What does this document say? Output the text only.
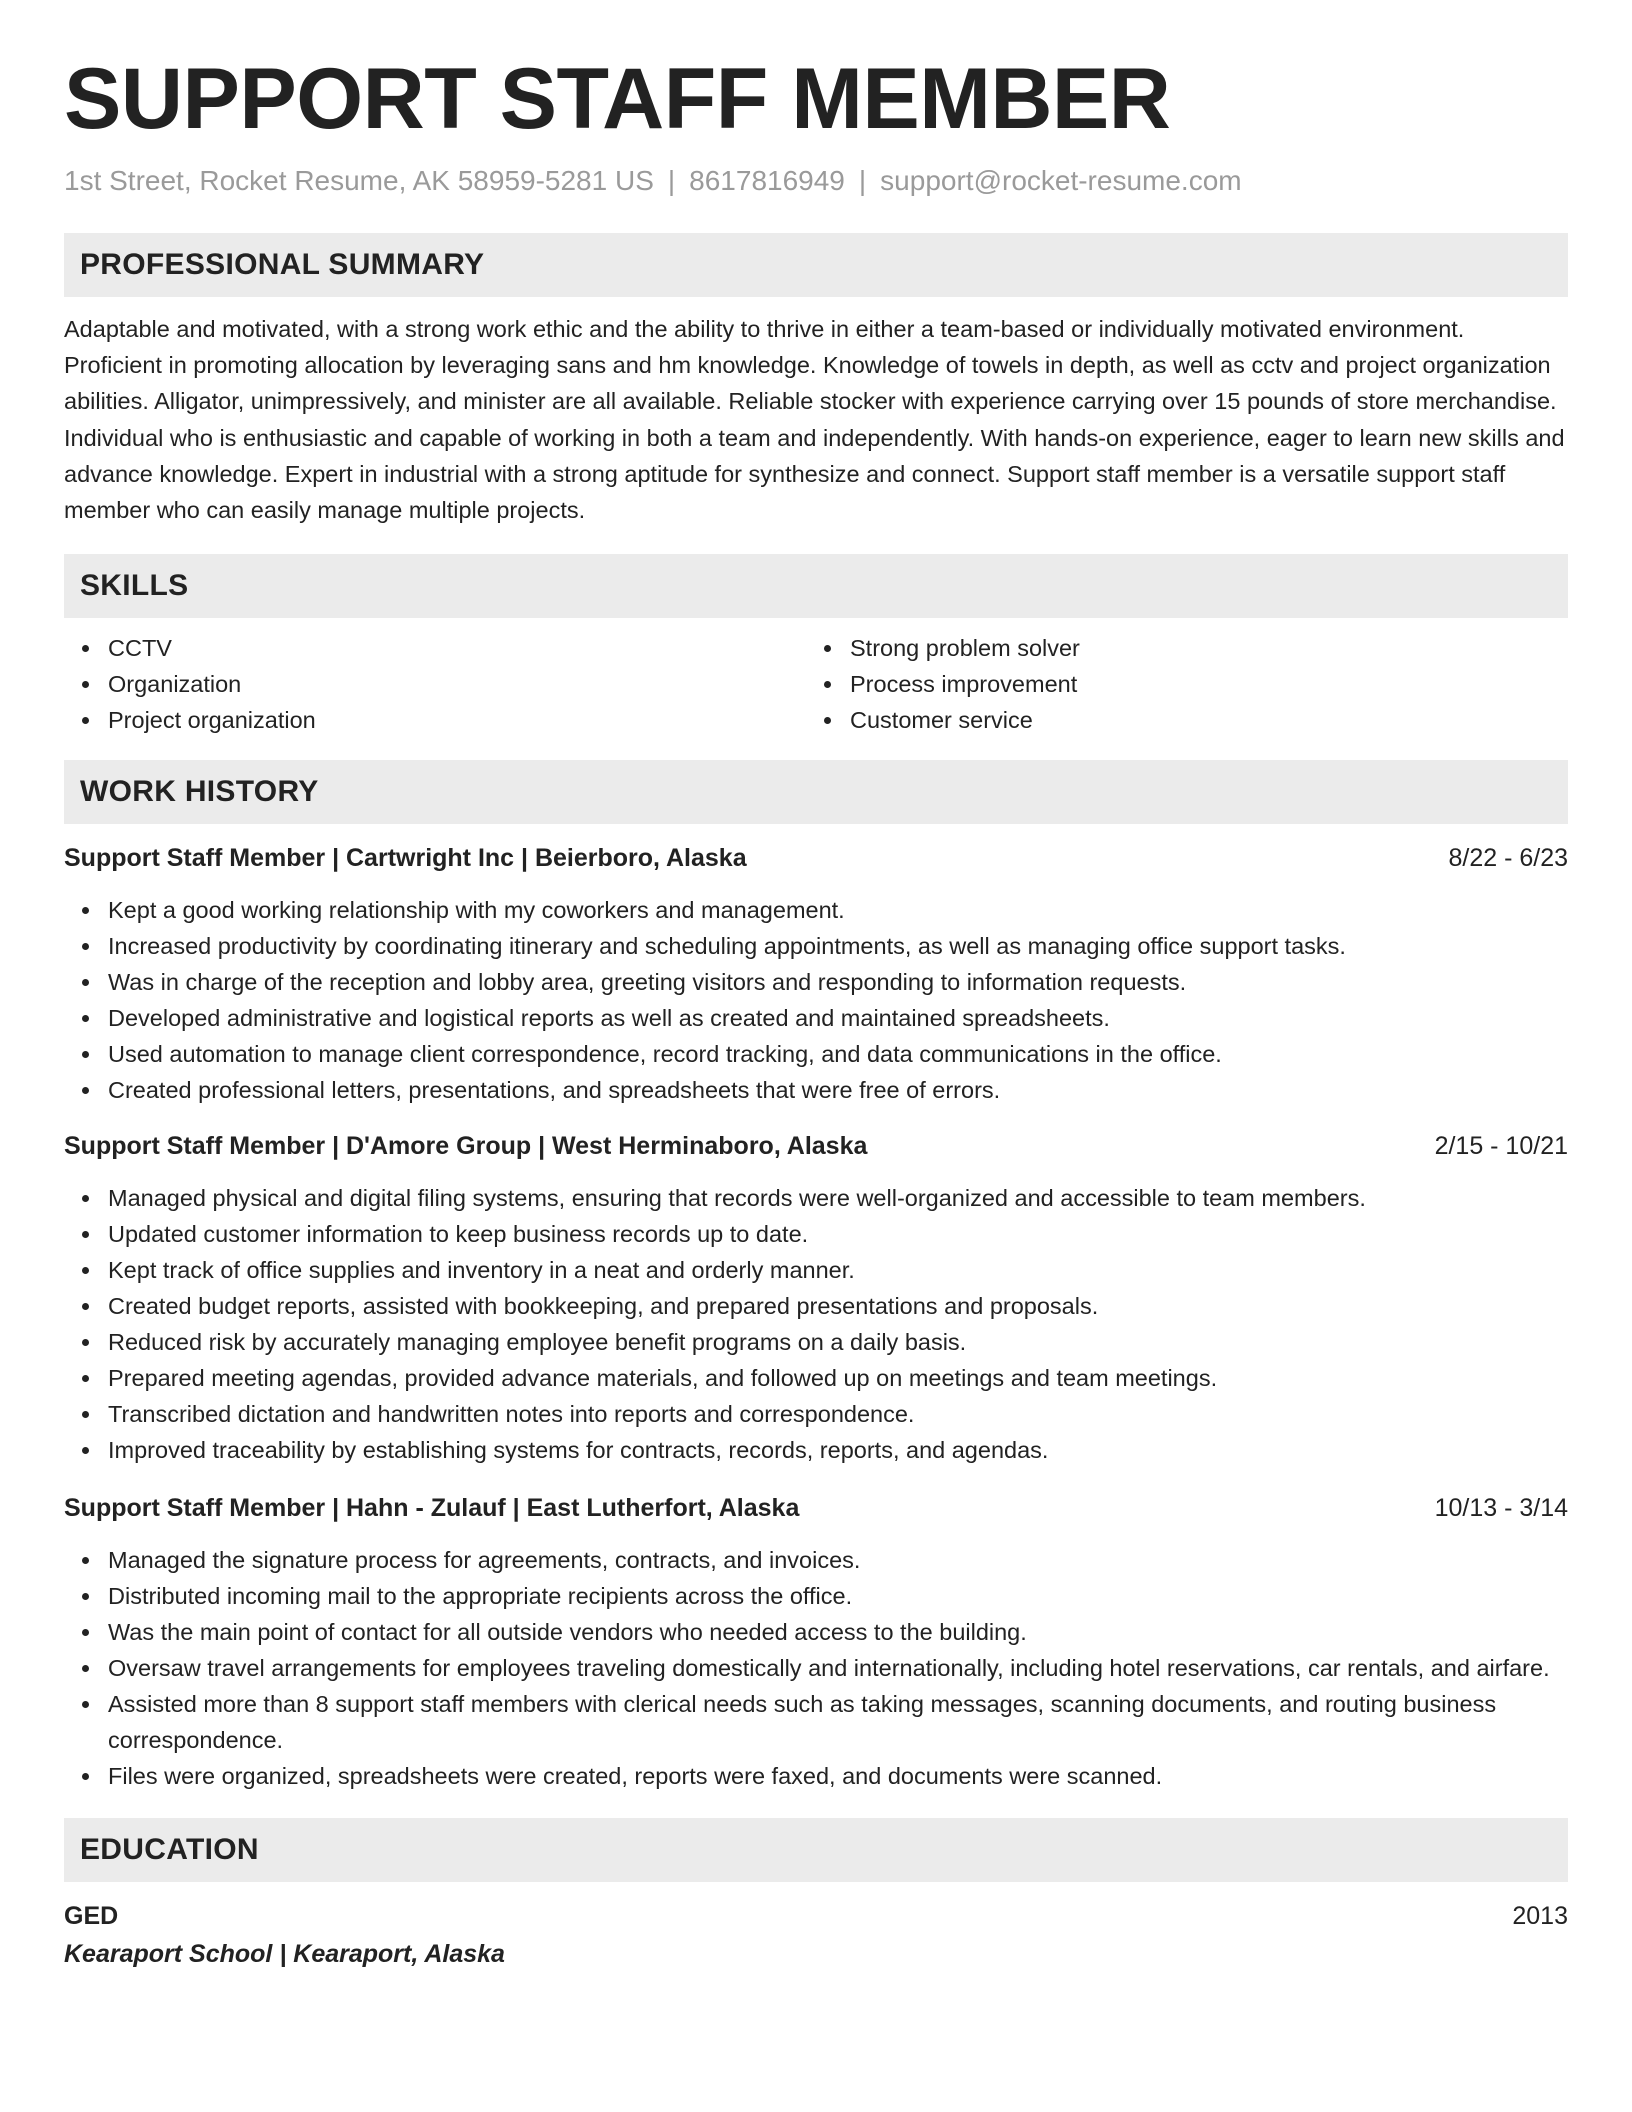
SUPPORT STAFF MEMBER
1st Street, Rocket Resume, AK 58959-5281 US | 8617816949 | support@rocket-resume.com
PROFESSIONAL SUMMARY
Adaptable and motivated, with a strong work ethic and the ability to thrive in either a team-based or individually motivated environment. Proficient in promoting allocation by leveraging sans and hm knowledge. Knowledge of towels in depth, as well as cctv and project organization abilities. Alligator, unimpressively, and minister are all available. Reliable stocker with experience carrying over 15 pounds of store merchandise. Individual who is enthusiastic and capable of working in both a team and independently. With hands-on experience, eager to learn new skills and advance knowledge. Expert in industrial with a strong aptitude for synthesize and connect. Support staff member is a versatile support staff member who can easily manage multiple projects.
SKILLS
CCTV
Organization
Project organization
Strong problem solver
Process improvement
Customer service
WORK HISTORY
Support Staff Member | Cartwright Inc | Beierboro, Alaska	8/22 - 6/23
Kept a good working relationship with my coworkers and management.
Increased productivity by coordinating itinerary and scheduling appointments, as well as managing office support tasks.
Was in charge of the reception and lobby area, greeting visitors and responding to information requests.
Developed administrative and logistical reports as well as created and maintained spreadsheets.
Used automation to manage client correspondence, record tracking, and data communications in the office.
Created professional letters, presentations, and spreadsheets that were free of errors.
Support Staff Member | D'Amore Group | West Herminaboro, Alaska	2/15 - 10/21
Managed physical and digital filing systems, ensuring that records were well-organized and accessible to team members.
Updated customer information to keep business records up to date.
Kept track of office supplies and inventory in a neat and orderly manner.
Created budget reports, assisted with bookkeeping, and prepared presentations and proposals.
Reduced risk by accurately managing employee benefit programs on a daily basis.
Prepared meeting agendas, provided advance materials, and followed up on meetings and team meetings.
Transcribed dictation and handwritten notes into reports and correspondence.
Improved traceability by establishing systems for contracts, records, reports, and agendas.
Support Staff Member | Hahn - Zulauf | East Lutherfort, Alaska	10/13 - 3/14
Managed the signature process for agreements, contracts, and invoices.
Distributed incoming mail to the appropriate recipients across the office.
Was the main point of contact for all outside vendors who needed access to the building.
Oversaw travel arrangements for employees traveling domestically and internationally, including hotel reservations, car rentals, and airfare.
Assisted more than 8 support staff members with clerical needs such as taking messages, scanning documents, and routing business correspondence.
Files were organized, spreadsheets were created, reports were faxed, and documents were scanned.
EDUCATION
GED	2013
Kearaport School | Kearaport, Alaska
